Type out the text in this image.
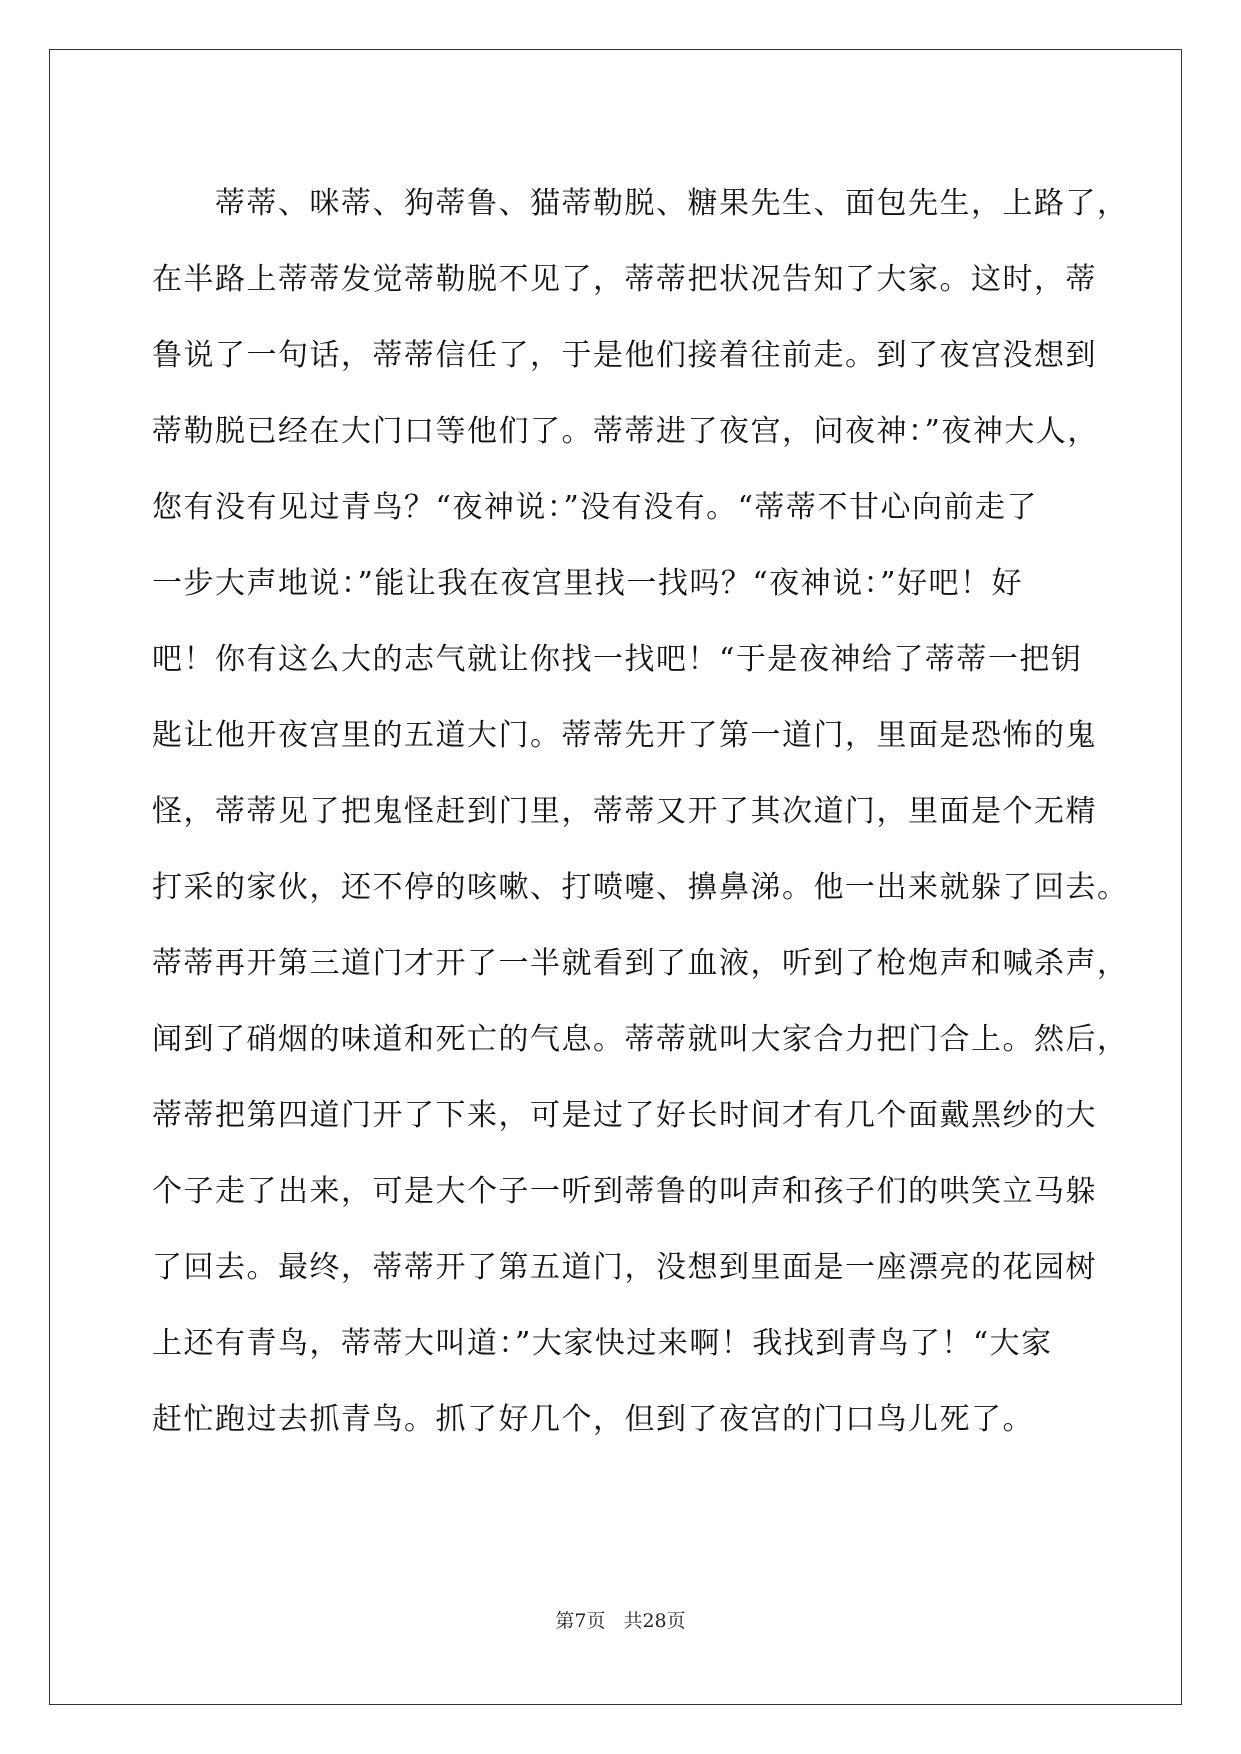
　　蒂蒂、咪蒂、狗蒂鲁、猫蒂勒脱、糖果先生、面包先生，上路了，
在半路上蒂蒂发觉蒂勒脱不见了，蒂蒂把状况告知了大家。这时，蒂
鲁说了一句话，蒂蒂信任了，于是他们接着往前走。到了夜宫没想到
蒂勒脱已经在大门口等他们了。蒂蒂进了夜宫，问夜神：”夜神大人，
您有没有见过青鸟？“夜神说：”没有没有。“蒂蒂不甘心向前走了
一步大声地说：”能让我在夜宫里找一找吗？“夜神说：”好吧！好
吧！你有这么大的志气就让你找一找吧！“于是夜神给了蒂蒂一把钥
匙让他开夜宫里的五道大门。蒂蒂先开了第一道门，里面是恐怖的鬼
怪，蒂蒂见了把鬼怪赶到门里，蒂蒂又开了其次道门，里面是个无精
打采的家伙，还不停的咳嗽、打喷嚏、擤鼻涕。他一出来就躲了回去。
蒂蒂再开第三道门才开了一半就看到了血液，听到了枪炮声和喊杀声，
闻到了硝烟的味道和死亡的气息。蒂蒂就叫大家合力把门合上。然后，
蒂蒂把第四道门开了下来，可是过了好长时间才有几个面戴黑纱的大
个子走了出来，可是大个子一听到蒂鲁的叫声和孩子们的哄笑立马躲
了回去。最终，蒂蒂开了第五道门，没想到里面是一座漂亮的花园树
上还有青鸟，蒂蒂大叫道：”大家快过来啊！我找到青鸟了！“大家
赶忙跑过去抓青鸟。抓了好几个，但到了夜宫的门口鸟儿死了。
第7页 共28页
